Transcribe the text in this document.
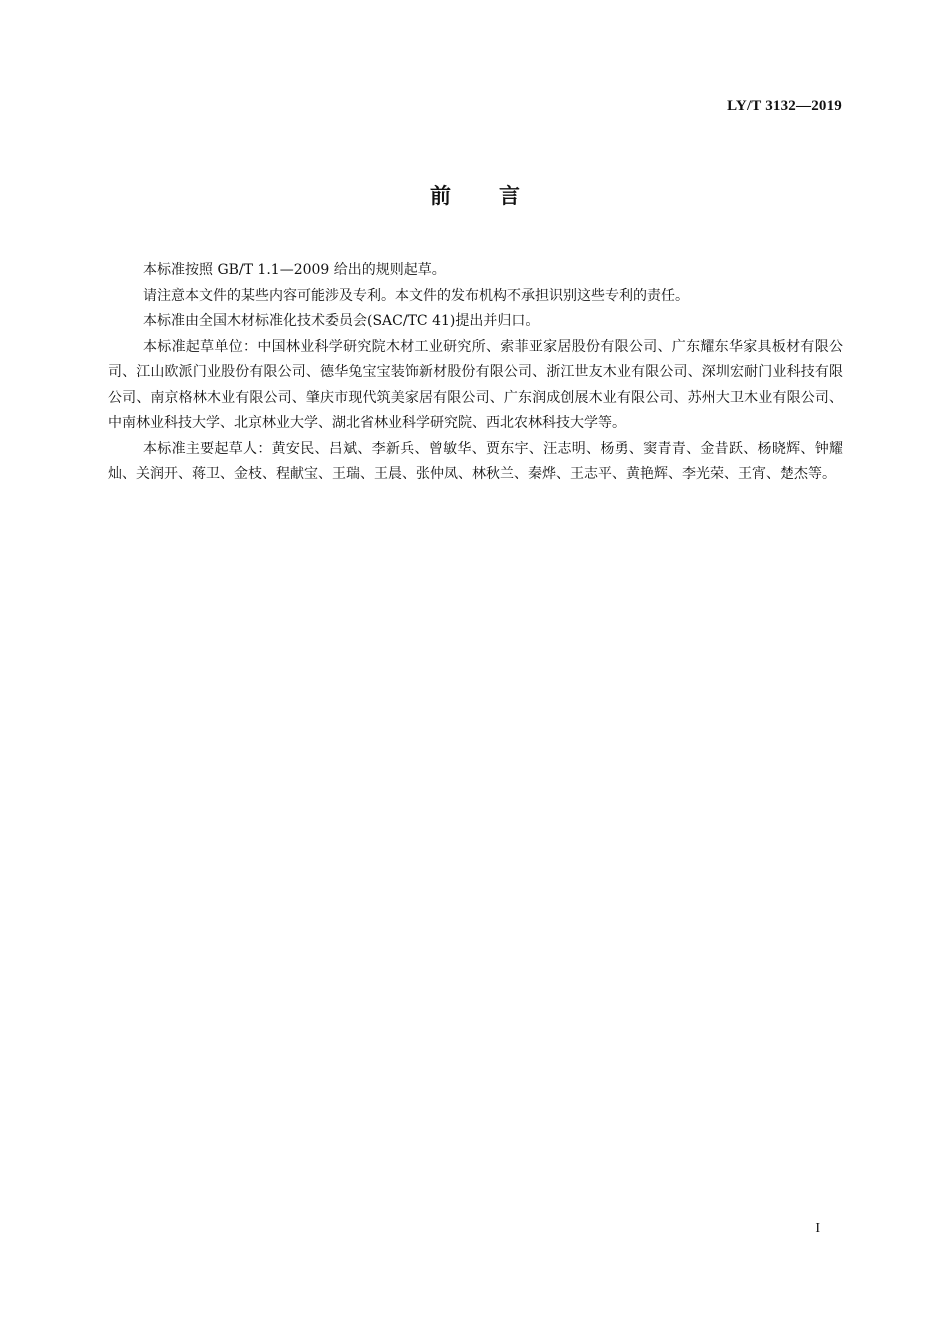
LY/T 3132—2019
前言

本标准按照 GB/T 1.1—2009 给出的规则起草。

请注意本文件的某些内容可能涉及专利。本文件的发布机构不承担识别这些专利的责任。

本标准由全国木材标准化技术委员会(SAC/TC 41)提出并归口。

本标准起草单位：中国林业科学研究院木材工业研究所、索菲亚家居股份有限公司、广东耀东华家具板材有限公司、江山欧派门业股份有限公司、德华兔宝宝装饰新材股份有限公司、浙江世友木业有限公司、深圳宏耐门业科技有限公司、南京格林木业有限公司、肇庆市现代筑美家居有限公司、广东润成创展木业有限公司、苏州大卫木业有限公司、中南林业科技大学、北京林业大学、湖北省林业科学研究院、西北农林科技大学等。

本标准主要起草人：黄安民、吕斌、李新兵、曾敏华、贾东宇、汪志明、杨勇、窦青青、金昔跃、杨晓辉、钟耀灿、关润开、蒋卫、金枝、程献宝、王瑞、王晨、张仲凤、林秋兰、秦烨、王志平、黄艳辉、李光荣、王宵、楚杰等。

I
